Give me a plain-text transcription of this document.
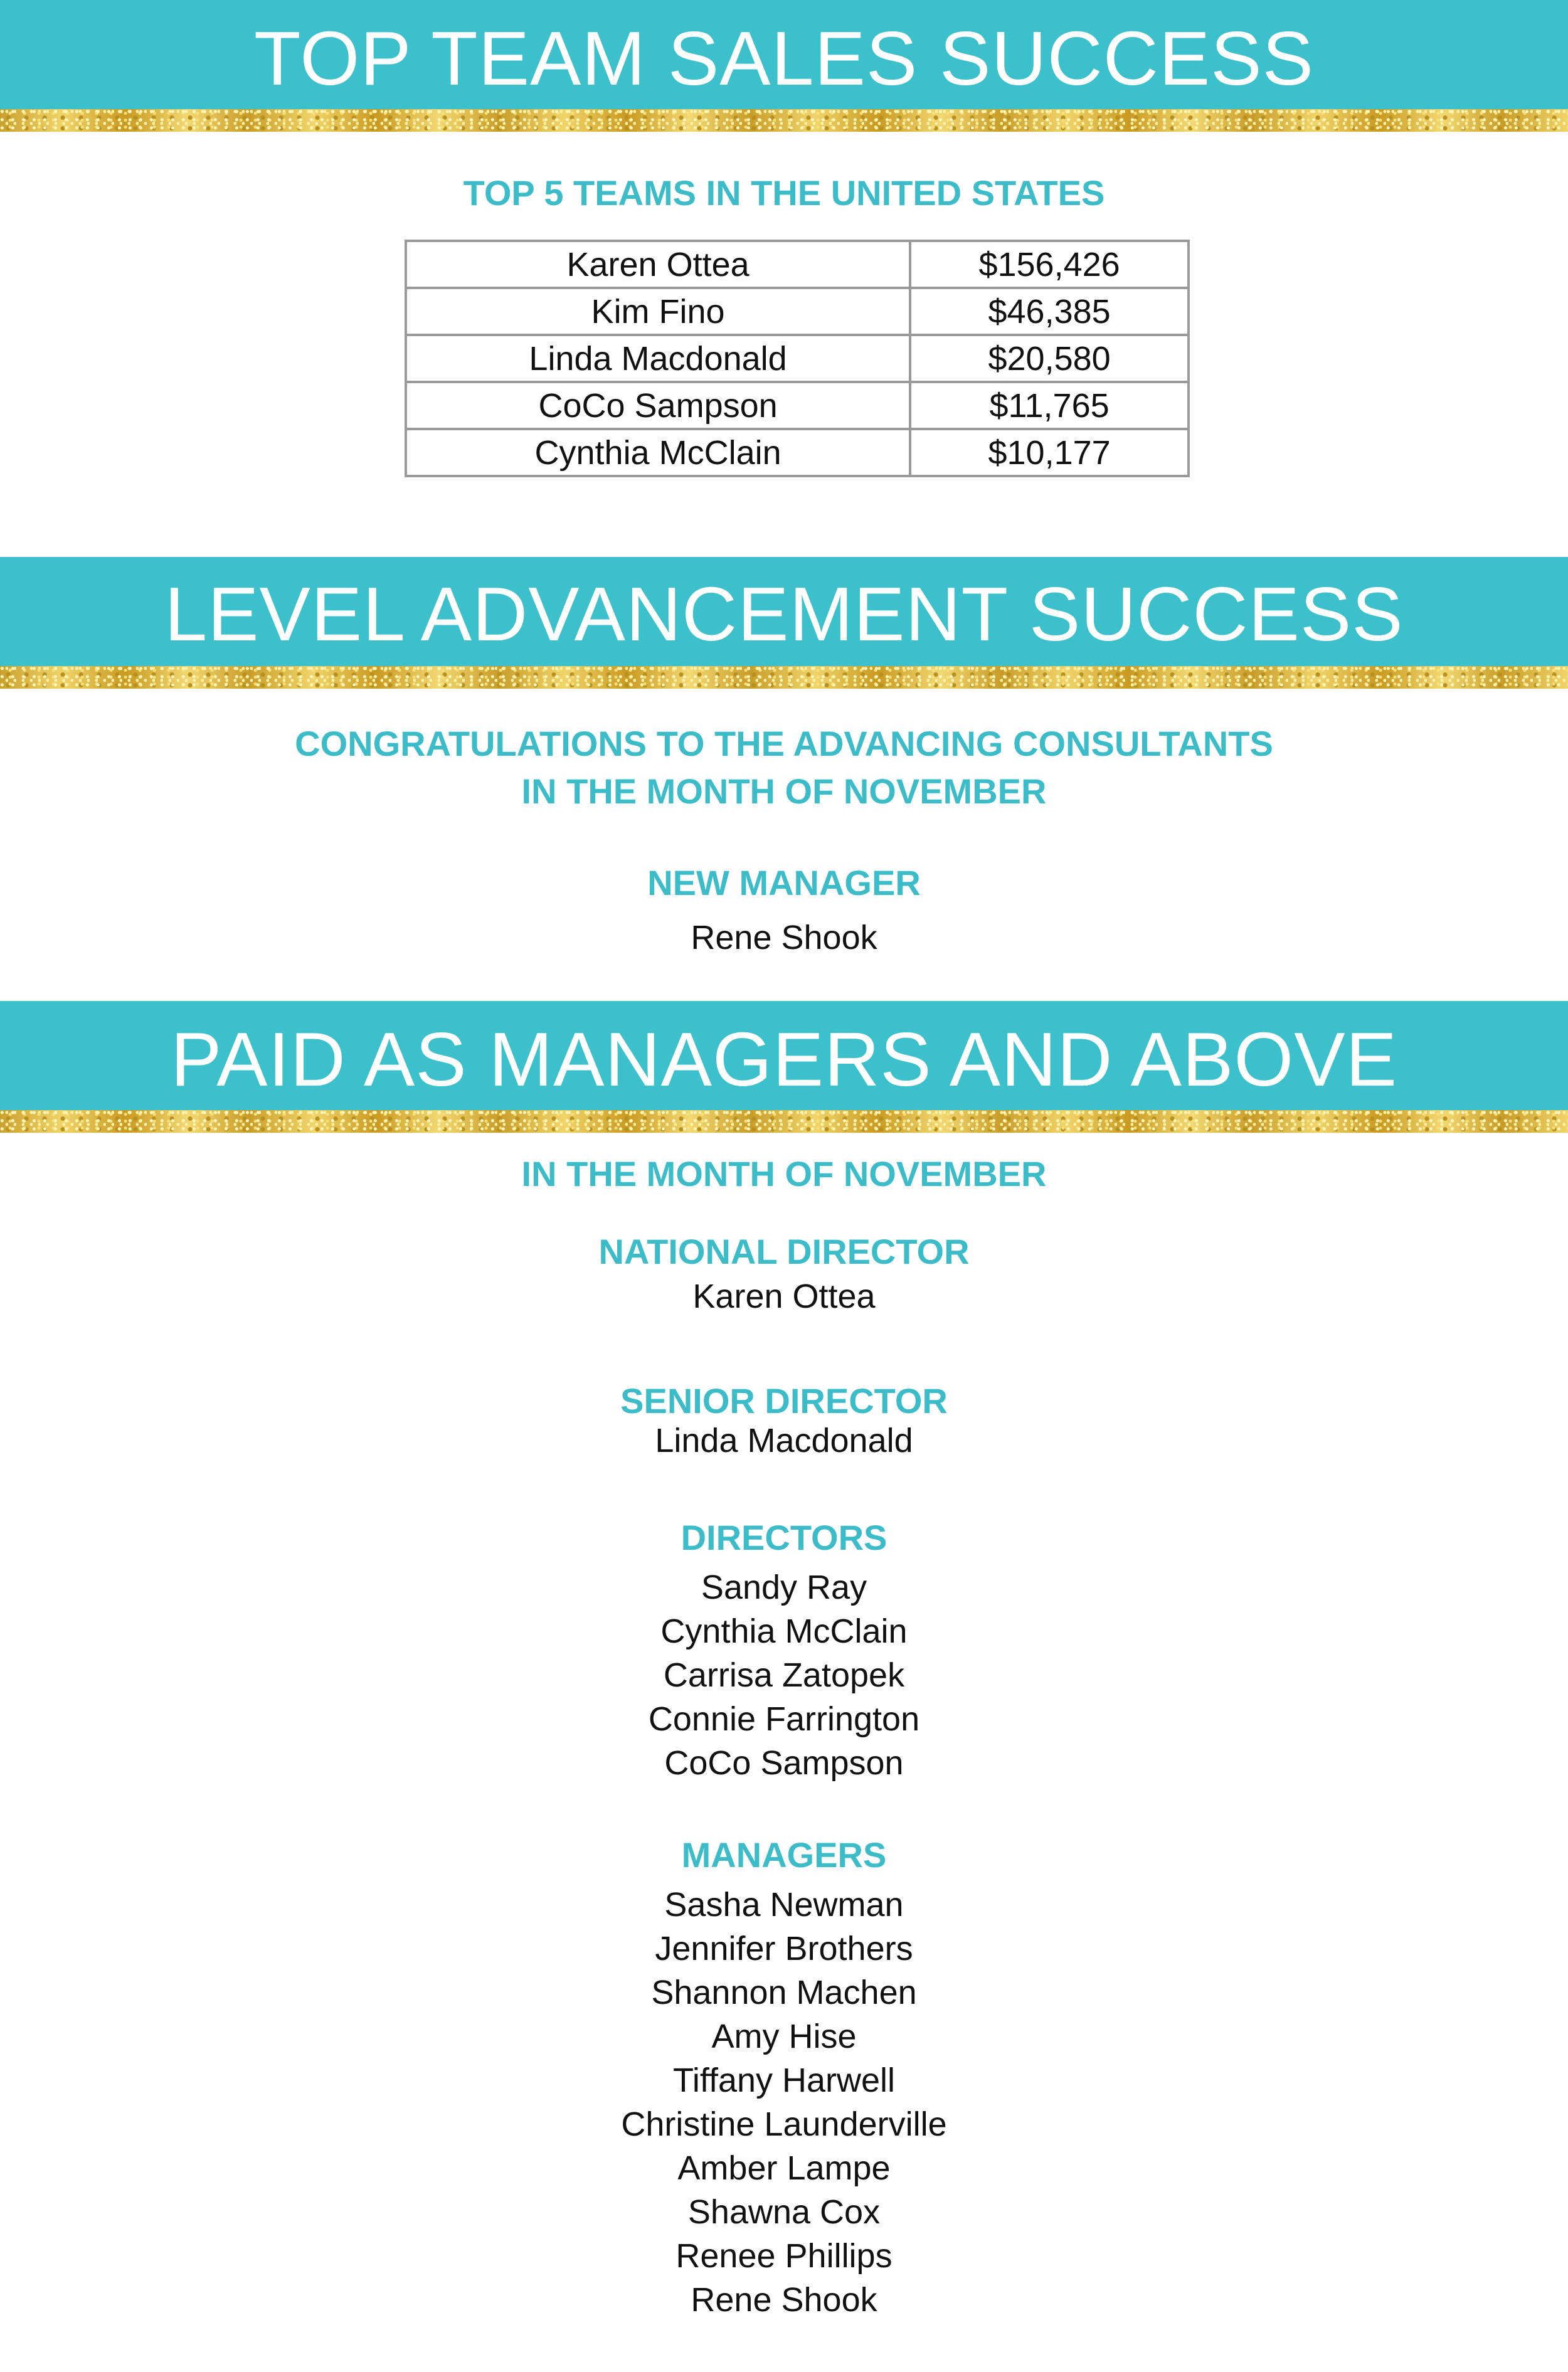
TOP TEAM SALES SUCCESS
TOP 5 TEAMS IN THE UNITED STATES
Karen Ottea	$156,426
Kim Fino	$46,385
Linda Macdonald	$20,580
CoCo Sampson	$11,765
Cynthia McClain	$10,177
LEVEL ADVANCEMENT SUCCESS
CONGRATULATIONS TO THE ADVANCING CONSULTANTS
IN THE MONTH OF NOVEMBER
NEW MANAGER
Rene Shook
PAID AS MANAGERS AND ABOVE
IN THE MONTH OF NOVEMBER
NATIONAL DIRECTOR
Karen Ottea
SENIOR DIRECTOR
Linda Macdonald
DIRECTORS
Sandy Ray
Cynthia McClain
Carrisa Zatopek
Connie Farrington
CoCo Sampson
MANAGERS
Sasha Newman
Jennifer Brothers
Shannon Machen
Amy Hise
Tiffany Harwell
Christine Launderville
Amber Lampe
Shawna Cox
Renee Phillips
Rene Shook
